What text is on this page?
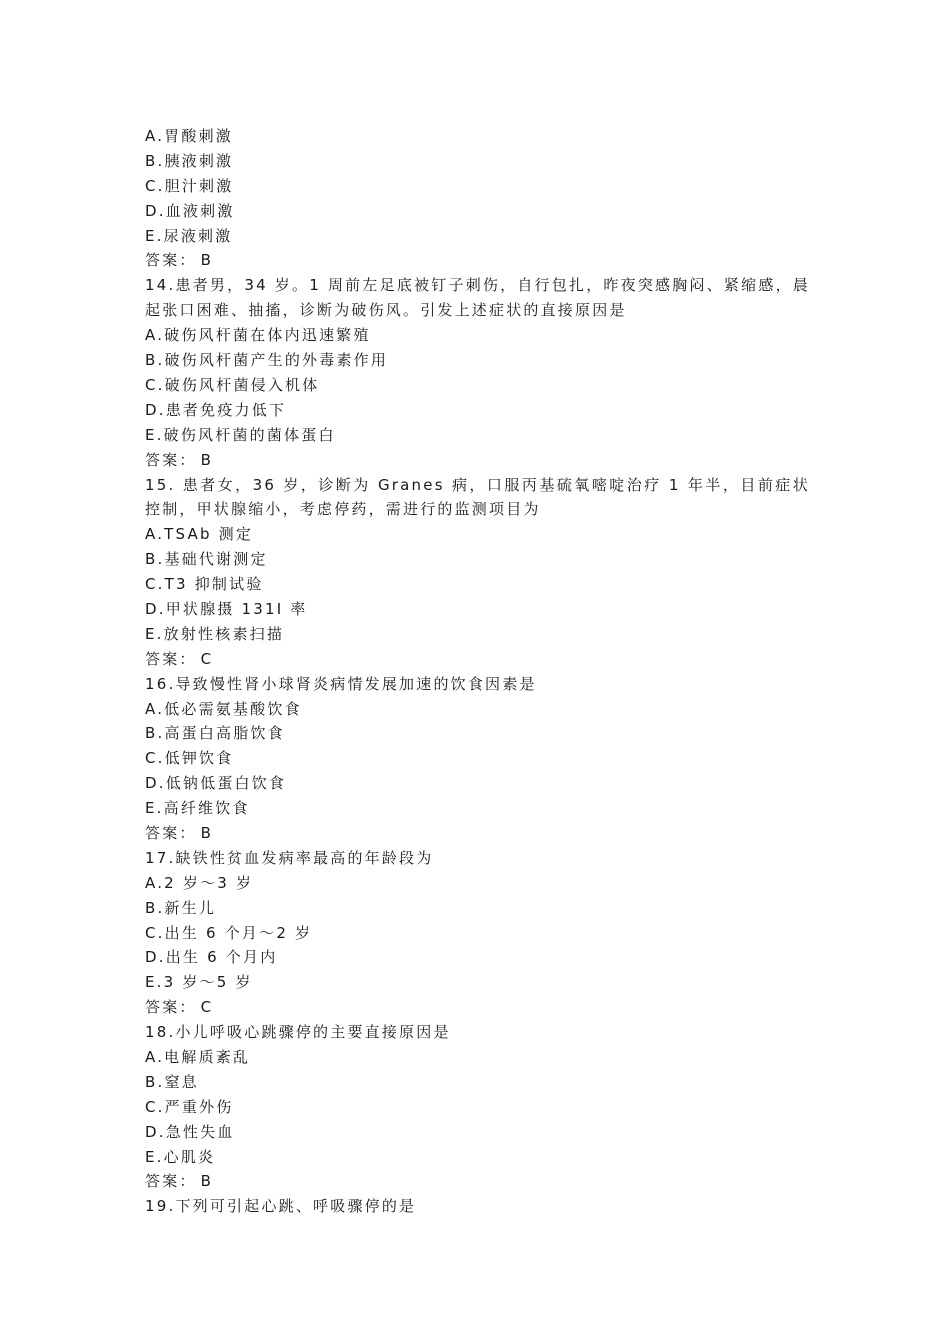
A.胃酸刺激
B.胰液刺激
C.胆汁刺激
D.血液刺激
E.尿液刺激
答案： B
14.患者男，34 岁。1 周前左足底被钉子刺伤，自行包扎，昨夜突感胸闷、紧缩感，晨起张口困难、抽搐，诊断为破伤风。引发上述症状的直接原因是
A.破伤风杆菌在体内迅速繁殖
B.破伤风杆菌产生的外毒素作用
C.破伤风杆菌侵入机体
D.患者免疫力低下
E.破伤风杆菌的菌体蛋白
答案： B
15. 患者女，36 岁，诊断为 Granes 病，口服丙基硫氧嘧啶治疗 1 年半，目前症状控制，甲状腺缩小，考虑停药，需进行的监测项目为
A.TSAb 测定
B.基础代谢测定
C.T3 抑制试验
D.甲状腺摄 131Ⅰ 率
E.放射性核素扫描
答案： C
16.导致慢性肾小球肾炎病情发展加速的饮食因素是
A.低必需氨基酸饮食
B.高蛋白高脂饮食
C.低钾饮食
D.低钠低蛋白饮食
E.高纤维饮食
答案： B
17.缺铁性贫血发病率最高的年龄段为
A.2 岁～3 岁
B.新生儿
C.出生 6 个月～2 岁
D.出生 6 个月内
E.3 岁～5 岁
答案： C
18.小儿呼吸心跳骤停的主要直接原因是
A.电解质紊乱
B.窒息
C.严重外伤
D.急性失血
E.心肌炎
答案： B
19.下列可引起心跳、呼吸骤停的是
